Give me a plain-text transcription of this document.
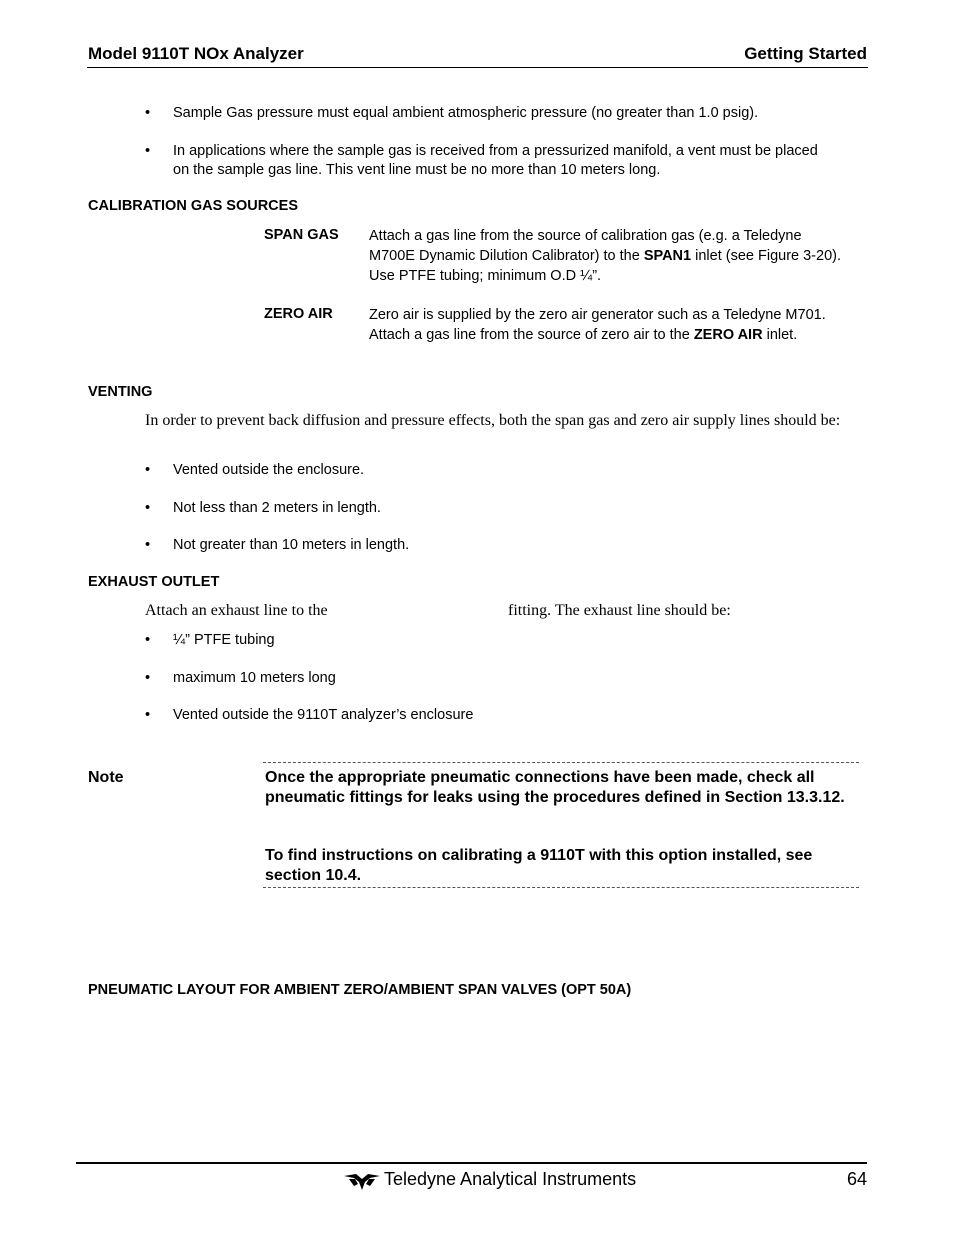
Model 9110T NOx Analyzer	Getting Started
• Sample Gas pressure must equal ambient atmospheric pressure (no greater than 1.0 psig).
• In applications where the sample gas is received from a pressurized manifold, a vent must be placed on the sample gas line. This vent line must be no more than 10 meters long.
CALIBRATION GAS SOURCES
SPAN GAS Attach a gas line from the source of calibration gas (e.g. a Teledyne M700E Dynamic Dilution Calibrator) to the SPAN1 inlet (see Figure 3-20). Use PTFE tubing; minimum O.D ¼”.
ZERO AIR	Zero air is supplied by the zero air generator such as a Teledyne M701. Attach a gas line from the source of zero air to the ZERO AIR inlet.
VENTING
In order to prevent back diffusion and pressure effects, both the span gas and zero air supply lines should be:
• Vented outside the enclosure.
• Not less than 2 meters in length.
• Not greater than 10 meters in length.
EXHAUST OUTLET
Attach an exhaust line to the	fitting. The exhaust line should be:
• ¼” PTFE tubing
• maximum 10 meters long
• Vented outside the 9110T analyzer’s enclosure
Note	Once the appropriate pneumatic connections have been made, check all pneumatic fittings for leaks using the procedures defined in Section 13.3.12.
To find instructions on calibrating a 9110T with this option installed, see section 10.4.
PNEUMATIC LAYOUT FOR AMBIENT ZERO/AMBIENT SPAN VALVES (OPT 50A)
Teledyne Analytical Instruments	64
